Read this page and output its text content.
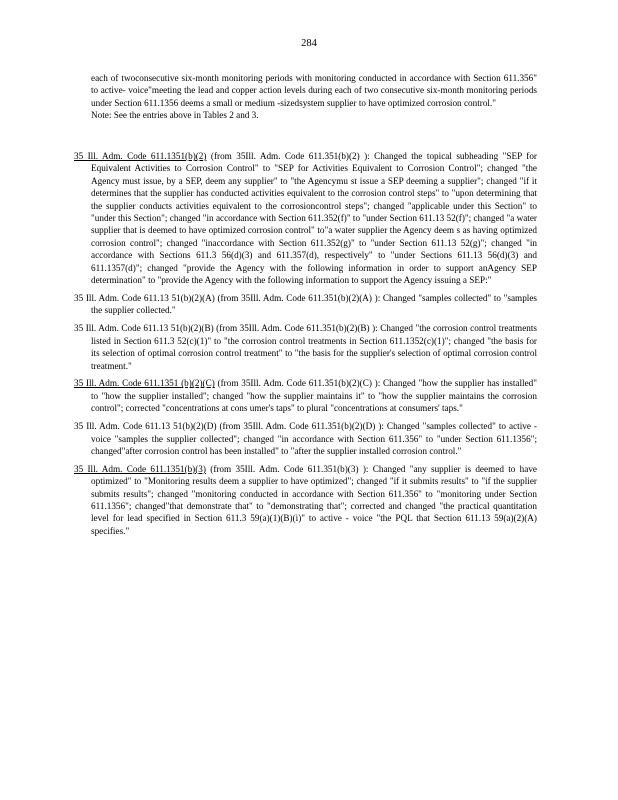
284

each of twoconsecutive six-month monitoring periods with monitoring conducted in accordance with Section 611.356" to active- voice"meeting the lead and copper action levels during each of two consecutive six-month monitoring periods under Section 611.1356 deems a small or medium -sizedsystem supplier to have optimized corrosion control."

Note: See the entries above in Tables 2 and 3.

35 Ill. Adm. Code 611.1351(b)(2) (from 35Ill. Adm. Code 611.351(b)(2) ): Changed the topical subheading "SEP for Equivalent Activities to Corrosion Control" to "SEP for Activities Equivalent to Corrosion Control"; changed "the Agency must issue, by a SEP, deem any supplier" to "the Agencymu st issue a SEP deeming a supplier"; changed "if it determines that the supplier has conducted activities equivalent to the corrosion control steps" to "upon determining that the supplier conducts activities equivalent to the corrosioncontrol steps"; changed "applicable under this Section" to "under this Section"; changed "in accordance with Section 611.352(f)" to "under Section 611.13 52(f)"; changed "a water supplier that is deemed to have optimized corrosion control" to"a water supplier the Agency deem s as having optimized corrosion control"; changed "inaccordance with Section 611.352(g)" to "under Section 611.13 52(g)"; changed "in accordance with Sections 611.3 56(d)(3) and 611.357(d), respectively" to "under Sections 611.13 56(d)(3) and 611.1357(d)"; changed "provide the Agency with the following information in order to support anAgency SEP determination" to "provide the Agency with the following information to support the Agency issuing a SEP:"

35 Ill. Adm. Code 611.13 51(b)(2)(A) (from 35Ill. Adm. Code 611.351(b)(2)(A) ): Changed "samples collected" to "samples the supplier collected."

35 Ill. Adm. Code 611.13 51(b)(2)(B) (from 35Ill. Adm. Code 611.351(b)(2)(B) ): Changed "the corrosion control treatments listed in Section 611.3 52(c)(1)" to "the corrosion control treatments in Section 611.1352(c)(1)"; changed "the basis for its selection of optimal corrosion control treatment" to "the basis for the supplier's selection of optimal corrosion control treatment."

35 Ill. Adm. Code 611.1351 (b)(2)(C) (from 35Ill. Adm. Code 611.351(b)(2)(C) ): Changed "how the supplier has installed" to "how the supplier installed"; changed "how the supplier maintains it" to "how the supplier maintains the corrosion control"; corrected "concentrations at cons umer's taps" to plural "concentrations at consumers' taps."

35 Ill. Adm. Code 611.13 51(b)(2)(D) (from 35Ill. Adm. Code 611.351(b)(2)(D) ): Changed "samples collected" to active -voice "samples the supplier collected"; changed "in accordance with Section 611.356" to "under Section 611.1356"; changed"after corrosion control has been installed" to "after the supplier installed corrosion control."

35 Ill. Adm. Code 611.1351(b)(3) (from 35Ill. Adm. Code 611.351(b)(3) ): Changed "any supplier is deemed to have optimized" to "Monitoring results deem a supplier to have optimized"; changed "if it submits results" to "if the supplier submits results"; changed "monitoring conducted in accordance with Section 611.356" to "monitoring under Section 611.1356"; changed"that demonstrate that" to "demonstrating that"; corrected and changed "the practical quantitation level for lead specified in Section 611.3 59(a)(1)(B)(i)" to active - voice "the PQL that Section 611.13 59(a)(2)(A) specifies."
